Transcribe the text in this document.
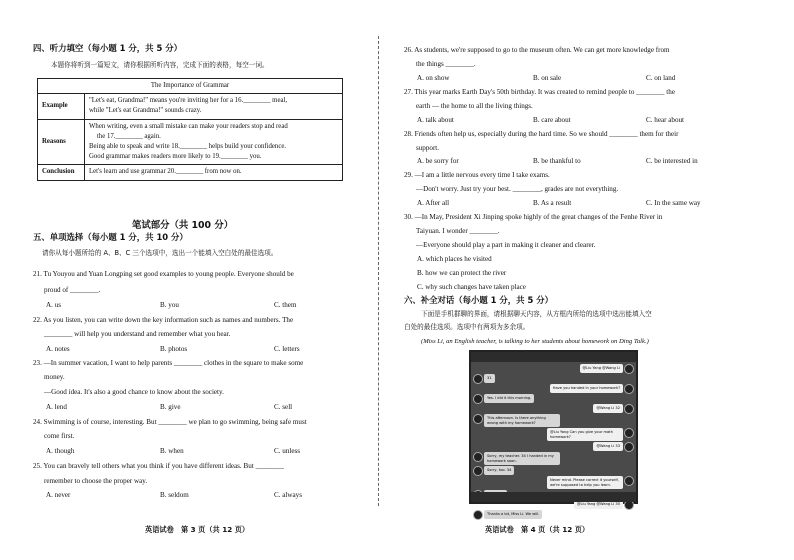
四、听力填空（每小题 1 分，共 5 分）
本题你将听到一篇短文，请你根据所听内容，完成下面的表格，每空一词。
The Importance of Grammar	
Example	"Let's eat, Grandma!" means you're inviting her for a 16.________ meal,
while "Let's eat Grandma!" sounds crazy.

Reasons	When writing, even a small mistake can make your readers stop and read
the 17.________ again.
Being able to speak and write 18.________ helps build your confidence.
Good grammar makes readers more likely to 19.________ you.

Conclusion	Let's learn and use grammar 20.________ from now on.
笔试部分（共 100 分）
五、单项选择（每小题 1 分，共 10 分）
请你从每小题所给的 A、B、C 三个选项中，选出一个能填入空白处的最佳选项。
21. Tu Youyou and Yuan Longping set good examples to young people. Everyone should be
proud of ________.
A. us	B. you	C. them
22. As you listen, you can write down the key information such as names and numbers. The
________ will help you understand and remember what you hear.
A. notes	B. photos	C. letters
23. —In summer vacation, I want to help parents ________ clothes in the square to make some
money.
—Good idea. It's also a good chance to know about the society.
A. lend	B. give	C. sell
24. Swimming is of course, interesting. But ________ we plan to go swimming, being safe must
come first.
A. though	B. when	C. unless
25. You can bravely tell others what you think if you have different ideas. But ________
remember to choose the proper way.
A. never	B. seldom	C. always
英语试卷　第 3 页（共 12 页）
26. As students, we're supposed to go to the museum often. We can get more knowledge from
the things ________.
A. on show	B. on sale	C. on land
27. This year marks Earth Day's 50th birthday. It was created to remind people to ________ the
earth — the home to all the living things.
A. talk about	B. care about	C. hear about
28. Friends often help us, especially during the hard time. So we should ________ them for their
support.
A. be sorry for	B. be thankful to	C. be interested in
29. —I am a little nervous every time I take exams.
—Don't worry. Just try your best. ________, grades are not everything.
A. After all	B. As a result	C. In the same way
30. —In May, President Xi Jinping spoke highly of the great changes of the Fenhe River in
Taiyuan. I wonder ________.
—Everyone should play a part in making it cleaner and clearer.
A. which places he visited
B. how we can protect the river
C. why such changes have taken place
六、补全对话（每小题 1 分，共 5 分）
下面是手机群聊的界面，请根据聊天内容，从方框内所给的选项中选出能填入空
白处的最佳选项。选项中有两项为多余项。
(Miss Li, an English teacher, is talking to her students about homework on Ding Talk.)
英语试卷　第 4 页（共 12 页）
@Liu Yang @Wang Li
31
Have you handed in your homework?
Yes. I did it this morning.
@Wang Li 32
This afternoon. Is there anything wrong with my homework?
@Liu Yang Can you give your math homework?
@Wang Li 33
Sorry, my teacher. 34 I handed in my homework soon.
Sorry, too. 34
Never mind. Please correct it yourself, we're supposed to help you learn.
@Liu Yang @Wang Li 35
Thanks a lot, Miss Li. We will.
